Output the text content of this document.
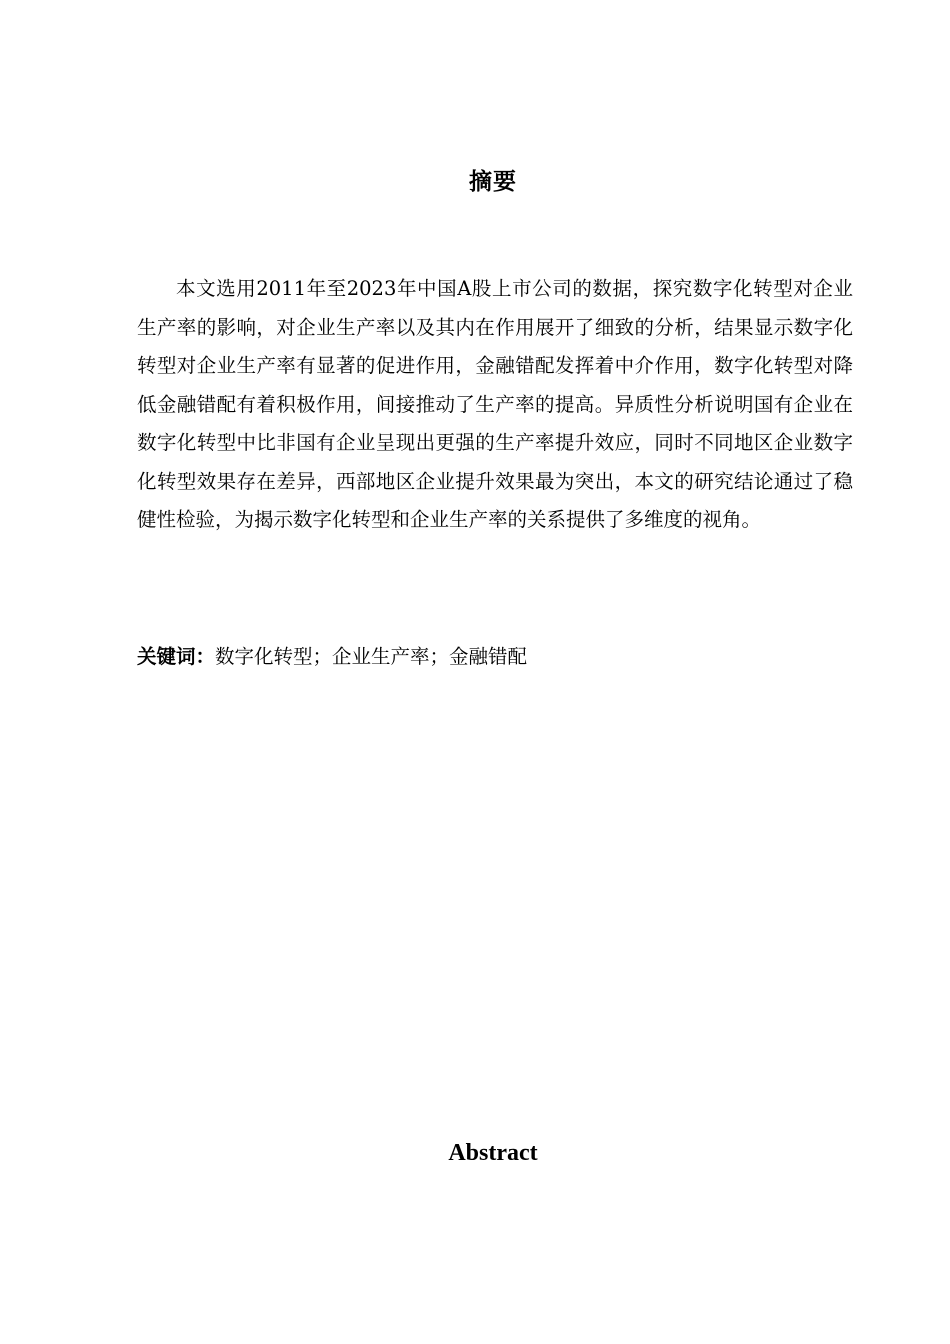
摘要

本文选用2011年至2023年中国A股上市公司的数据，探究数字化转型对企业生产率的影响，对企业生产率以及其内在作用展开了细致的分析，结果显示数字化转型对企业生产率有显著的促进作用，金融错配发挥着中介作用，数字化转型对降低金融错配有着积极作用，间接推动了生产率的提高。异质性分析说明国有企业在数字化转型中比非国有企业呈现出更强的生产率提升效应，同时不同地区企业数字化转型效果存在差异，西部地区企业提升效果最为突出，本文的研究结论通过了稳健性检验，为揭示数字化转型和企业生产率的关系提供了多维度的视角。

关键词：数字化转型；企业生产率；金融错配

Abstract
